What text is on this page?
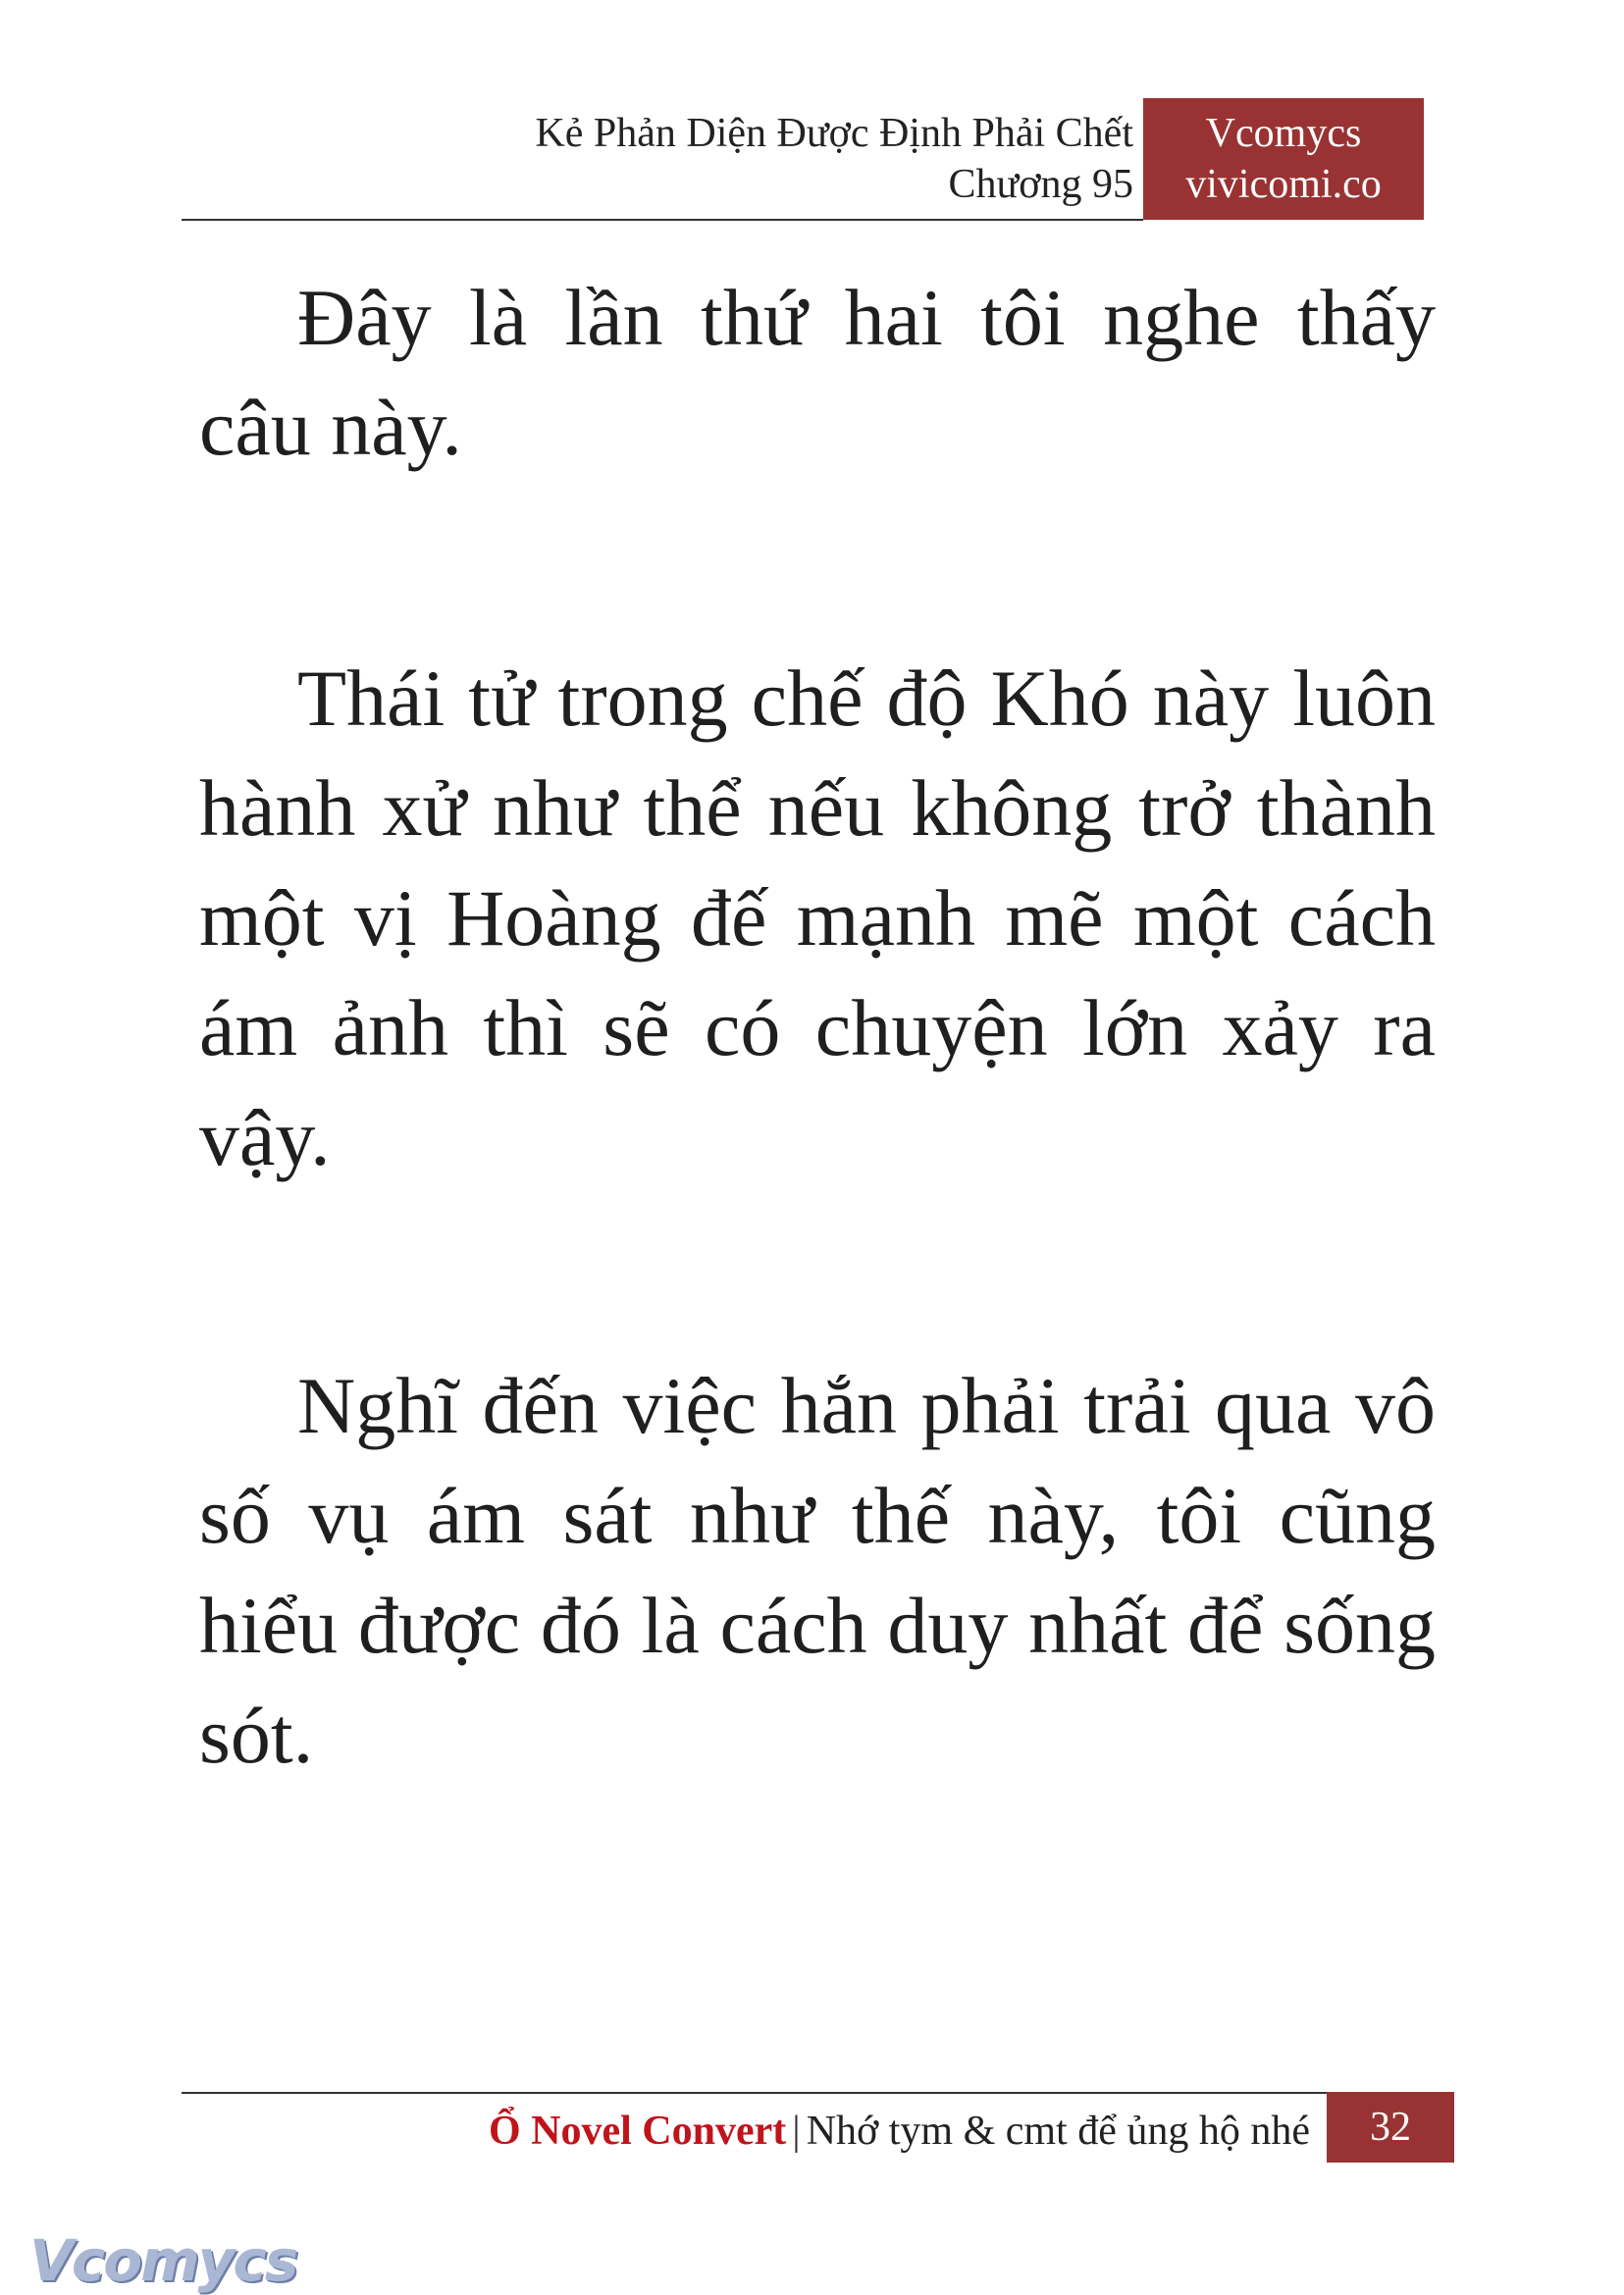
Kẻ Phản Diện Được Định Phải Chết
Chương 95
Vcomycs
vivicomi.co

Đây là lần thứ hai tôi nghe thấy câu này.

Thái tử trong chế độ Khó này luôn hành xử như thể nếu không trở thành một vị Hoàng đế mạnh mẽ một cách ám ảnh thì sẽ có chuyện lớn xảy ra vậy.

Nghĩ đến việc hắn phải trải qua vô số vụ ám sát như thế này, tôi cũng hiểu được đó là cách duy nhất để sống sót.

Ổ Novel Convert | Nhớ tym & cmt để ủng hộ nhé	32
Vcomycs
